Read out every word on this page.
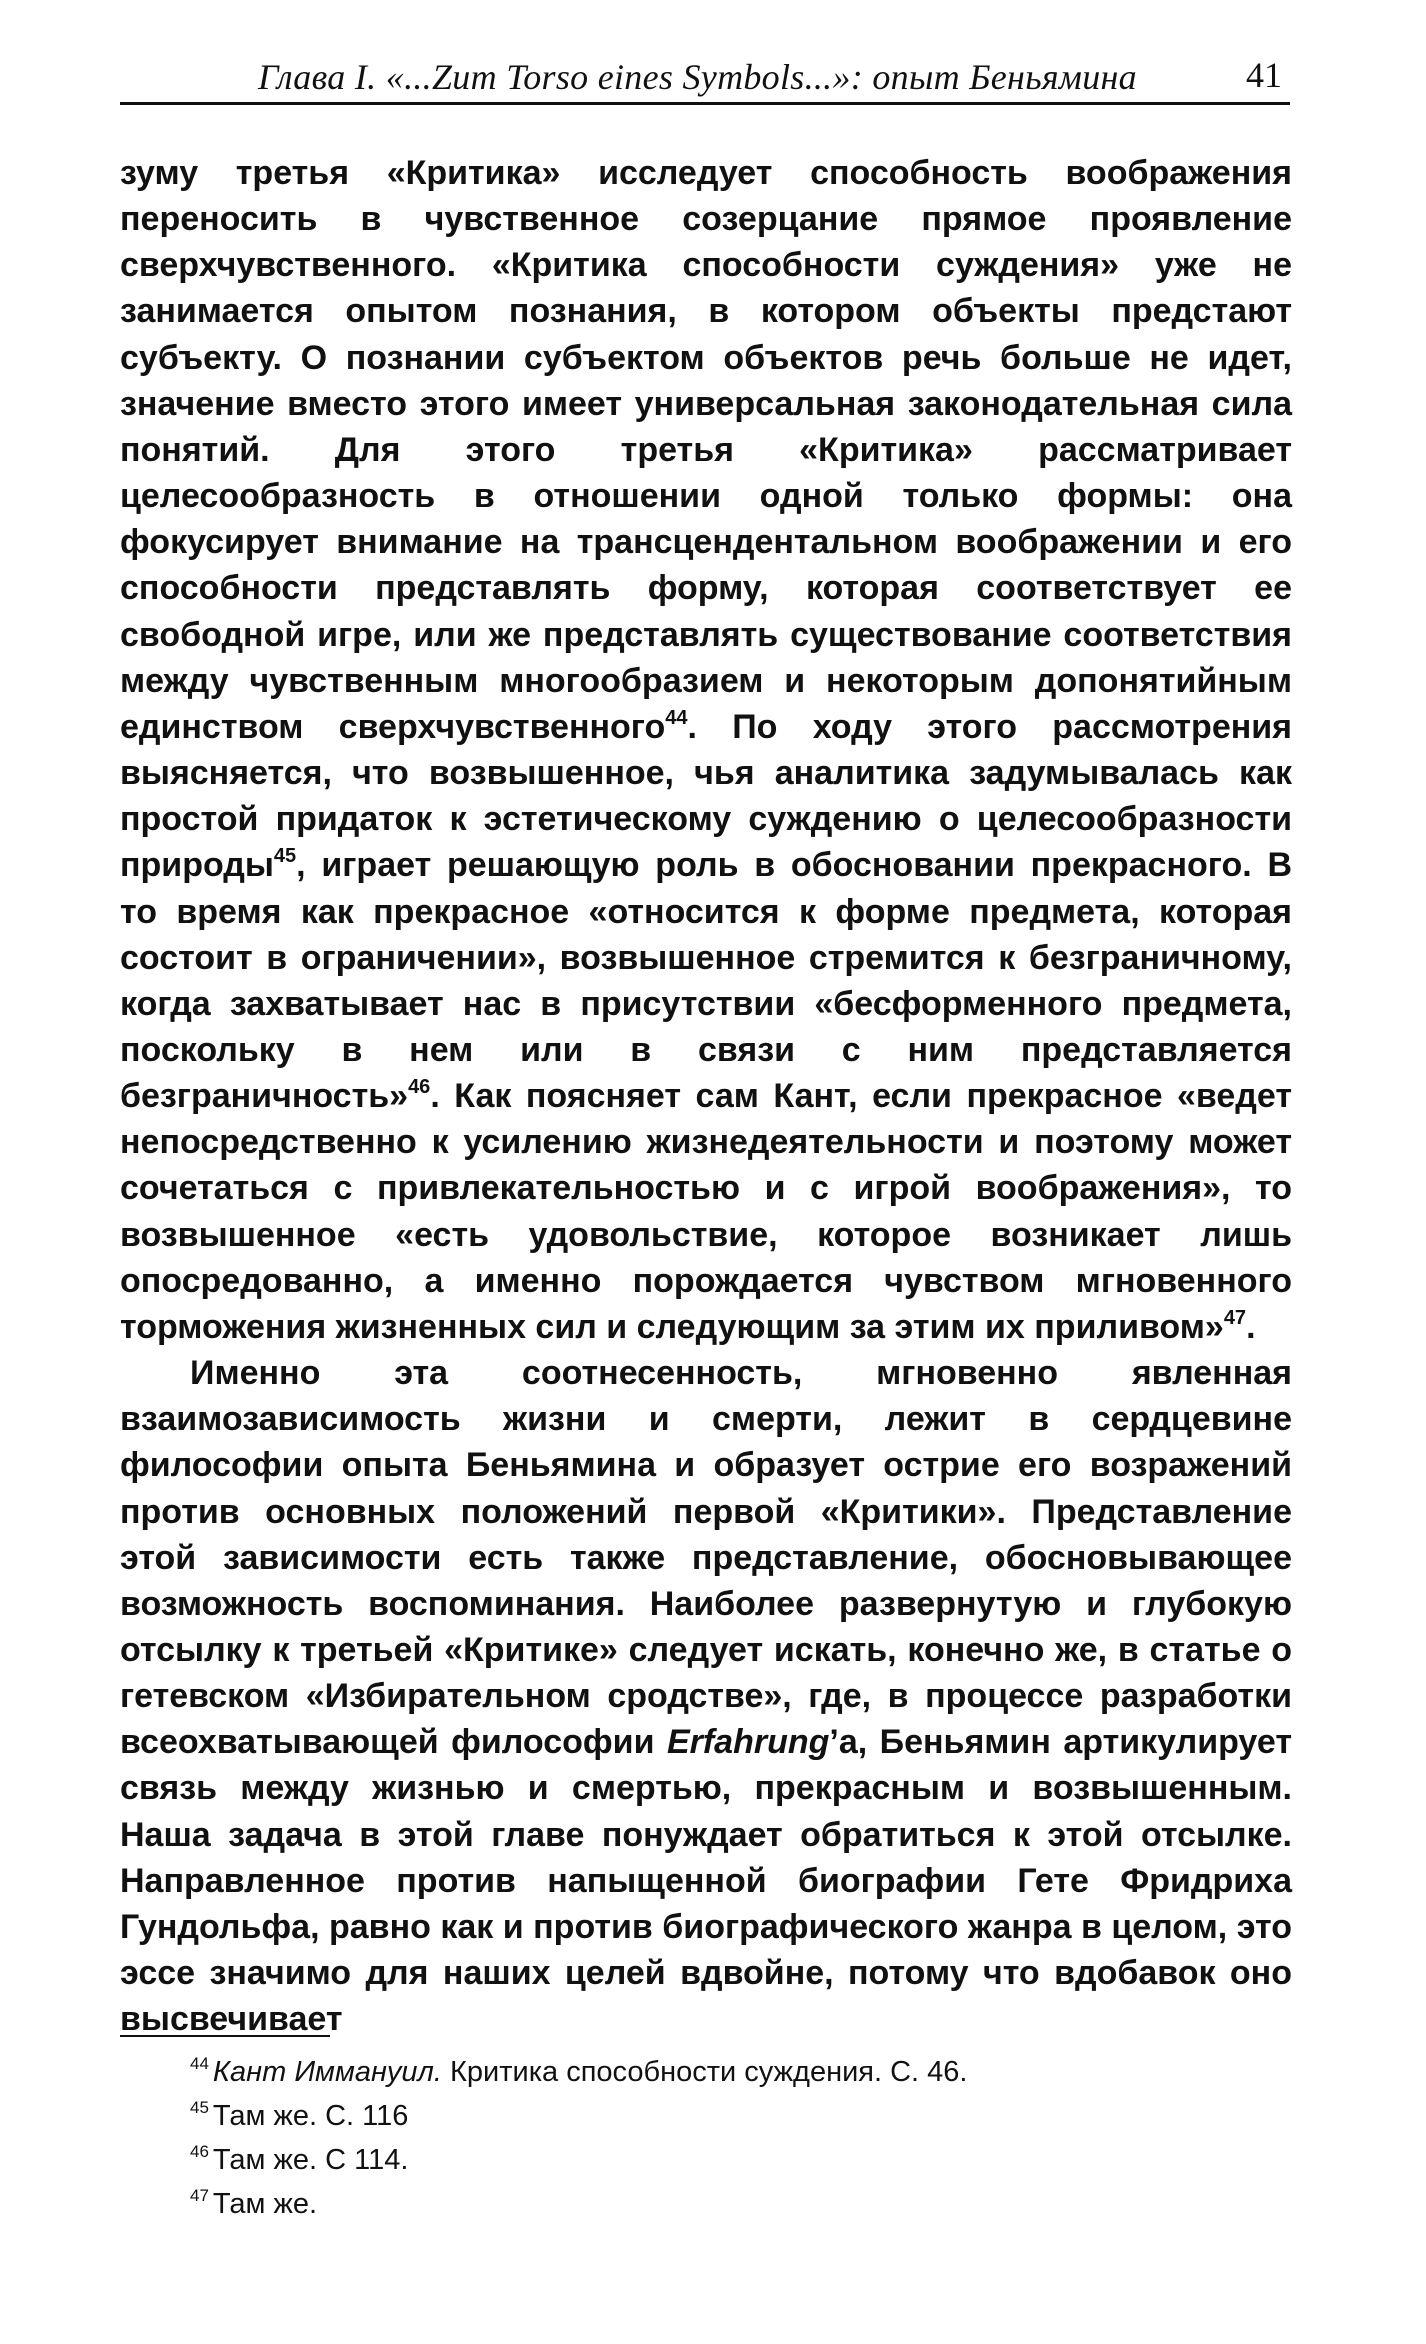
Глава I. «...Zum Torso eines Symbols...»: опыт Беньямина	41

зуму третья «Критика» исследует способность воображения переносить в чувственное созерцание прямое проявление сверхчувственного. «Критика способности суждения» уже не занимается опытом познания, в котором объекты предстают субъекту. О познании субъектом объектов речь больше не идет, значение вместо этого имеет универсальная законодательная сила понятий. Для этого третья «Критика» рассматривает целесообразность в отношении одной только формы: она фокусирует внимание на трансцендентальном воображении и его способности представлять форму, которая соответствует ее свободной игре, или же представлять существование соответствия между чувственным многообразием и некоторым допонятийным единством сверхчувственного$^{44}$. По ходу этого рассмотрения выясняется, что возвышенное, чья аналитика задумывалась как простой придаток к эстетическому суждению о целесообразности природы$^{45}$, играет решающую роль в обосновании прекрасного. В то время как прекрасное «относится к форме предмета, которая состоит в ограничении», возвышенное стремится к безграничному, когда захватывает нас в присутствии «бесформенного предмета, поскольку в нем или в связи с ним представляется безграничность»$^{46}$. Как поясняет сам Кант, если прекрасное «ведет непосредственно к усилению жизнедеятельности и поэтому может сочетаться с привлекательностью и с игрой воображения», то возвышенное «есть удовольствие, которое возникает лишь опосредованно, а именно порождается чувством мгновенного торможения жизненных сил и следующим за этим их приливом»$^{47}$.

Именно эта соотнесенность, мгновенно явленная взаимозависимость жизни и смерти, лежит в сердцевине философии опыта Беньямина и образует острие его возражений против основных положений первой «Критики». Представление этой зависимости есть также представление, обосновывающее возможность воспоминания. Наиболее развернутую и глубокую отсылку к третьей «Критике» следует искать, конечно же, в статье о гетевском «Избирательном сродстве», где, в процессе разработки всеохватывающей философии Erfahrung’а, Беньямин артикулирует связь между жизнью и смертью, прекрасным и возвышенным. Наша задача в этой главе понуждает обратиться к этой отсылке. Направленное против напыщенной биографии Гете Фридриха Гундольфа, равно как и против биографического жанра в целом, это эссе значимо для наших целей вдвойне, потому что вдобавок оно высвечивает

$^{44}$ Кант Иммануил. Критика способности суждения. С. 46.
$^{45}$ Там же. С. 116
$^{46}$ Там же. С 114.
$^{47}$ Там же.
